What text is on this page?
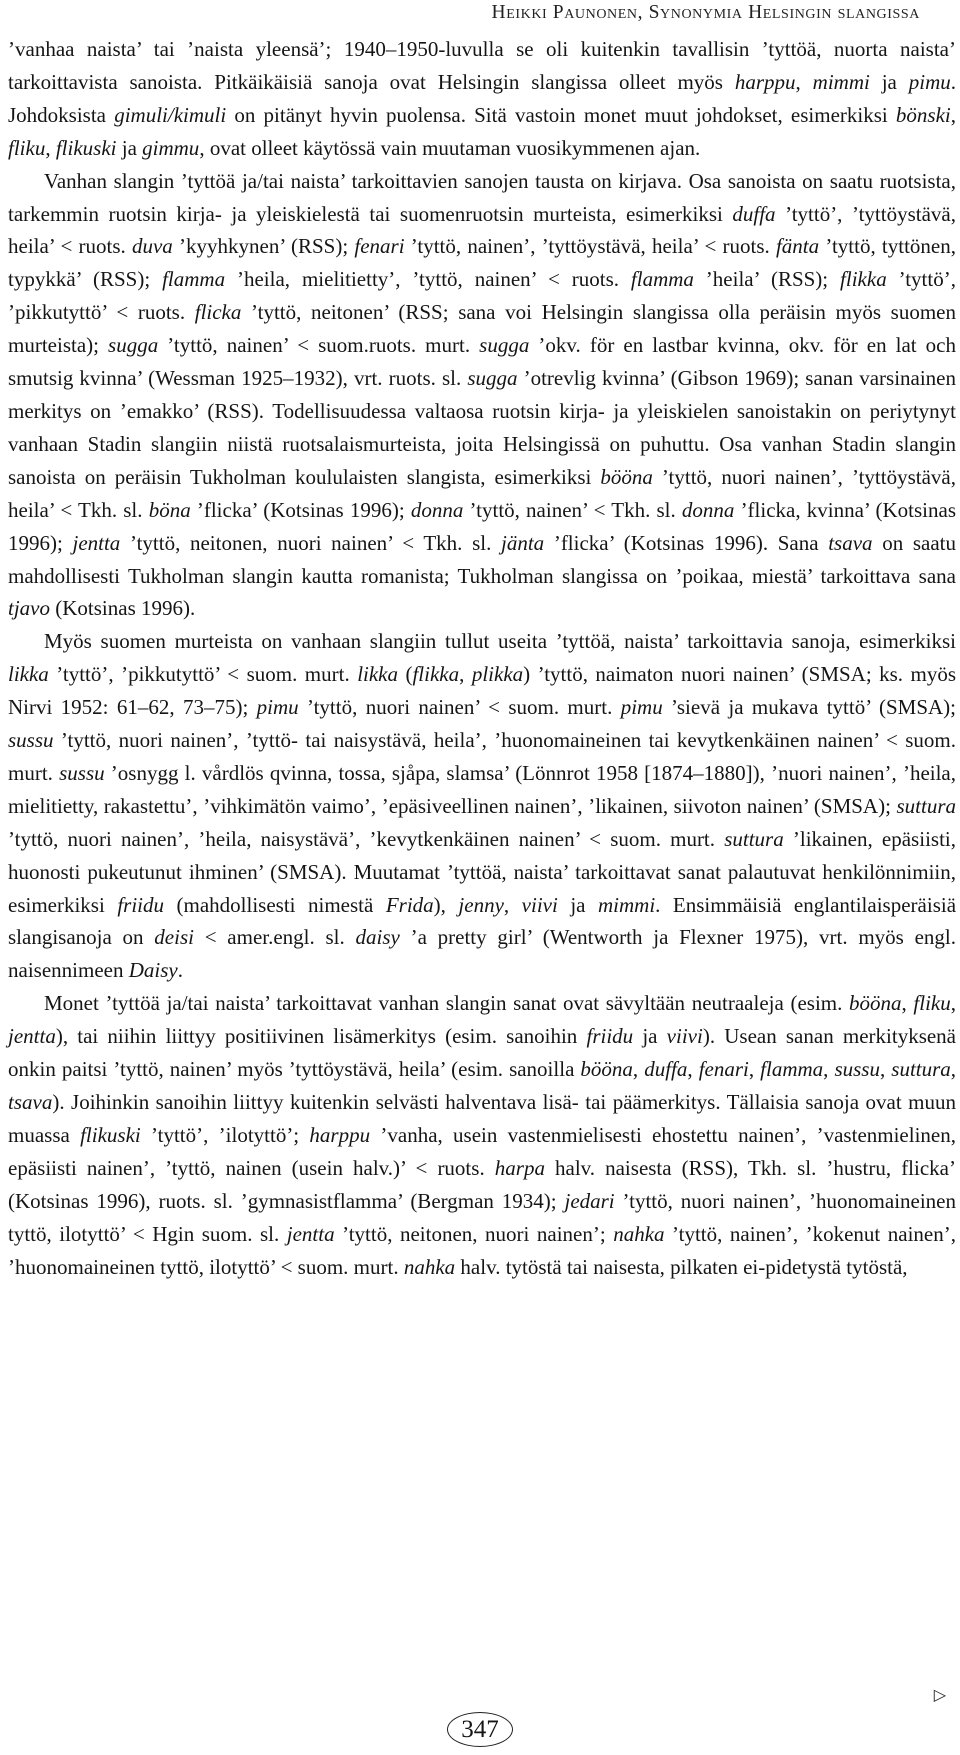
Heikki Paunonen, Synonymia Helsingin slangissa

’vanhaa naista’ tai ’naista yleensä’; 1940–1950-luvulla se oli kuitenkin tavallisin ’tyttöä, nuorta naista’ tarkoittavista sanoista. Pitkäikäisiä sanoja ovat Helsingin slangissa olleet myös harppu, mimmi ja pimu. Johdoksista gimuli/kimuli on pitänyt hyvin puolensa. Sitä vastoin monet muut johdokset, esimerkiksi bönski, fliku, flikuski ja gimmu, ovat olleet käytössä vain muutaman vuosikymmenen ajan.

Vanhan slangin ’tyttöä ja/tai naista’ tarkoittavien sanojen tausta on kirjava. Osa sanoista on saatu ruotsista, tarkemmin ruotsin kirja- ja yleiskielestä tai suomenruotsin murteista, esimerkiksi duffa ’tyttö’, ’tyttöystävä, heila’ < ruots. duva ’kyyhkynen’ (RSS); fenari ’tyttö, nainen’, ’tyttöystävä, heila’ < ruots. fänta ’tyttö, tyttönen, typykkä’ (RSS); flamma ’heila, mielitietty’, ’tyttö, nainen’ < ruots. flamma ’heila’ (RSS); flikka ’tyttö’, ’pikkutyttö’ < ruots. flicka ’tyttö, neitonen’ (RSS; sana voi Helsingin slangissa olla peräisin myös suomen murteista); sugga ’tyttö, nainen’ < suom.ruots. murt. sugga ’okv. för en lastbar kvinna, okv. för en lat och smutsig kvinna’ (Wessman 1925–1932), vrt. ruots. sl. sugga ’otrevlig kvinna’ (Gibson 1969); sanan varsinainen merkitys on ’emakko’ (RSS). Todellisuudessa valtaosa ruotsin kirja- ja yleiskielen sanoistakin on periytynyt vanhaan Stadin slangiin niistä ruotsalaismurteista, joita Helsingissä on puhuttu. Osa vanhan Stadin slangin sanoista on peräisin Tukholman koululaisten slangista, esimerkiksi bööna ’tyttö, nuori nainen’, ’tyttöystävä, heila’ < Tkh. sl. böna ’flicka’ (Kotsinas 1996); donna ’tyttö, nainen’ < Tkh. sl. donna ’flicka, kvinna’ (Kotsinas 1996); jentta ’tyttö, neitonen, nuori nainen’ < Tkh. sl. jänta ’flicka’ (Kotsinas 1996). Sana tsava on saatu mahdollisesti Tukholman slangin kautta romanista; Tukholman slangissa on ’poikaa, miestä’ tarkoittava sana tjavo (Kotsinas 1996).

Myös suomen murteista on vanhaan slangiin tullut useita ’tyttöä, naista’ tarkoittavia sanoja, esimerkiksi likka ’tyttö’, ’pikkutyttö’ < suom. murt. likka (flikka, plikka) ’tyttö, naimaton nuori nainen’ (SMSA; ks. myös Nirvi 1952: 61–62, 73–75); pimu ’tyttö, nuori nainen’ < suom. murt. pimu ’sievä ja mukava tyttö’ (SMSA); sussu ’tyttö, nuori nainen’, ’tyttö- tai naisystävä, heila’, ’huonomaineinen tai kevytkenkäinen nainen’ < suom. murt. sussu ’osnygg l. vårdlös qvinna, tossa, sjåpa, slamsa’ (Lönnrot 1958 [1874–1880]), ’nuori nainen’, ’heila, mielitietty, rakastettu’, ’vihkimätön vaimo’, ’epäsiveellinen nainen’, ’likainen, siivoton nainen’ (SMSA); suttura ’tyttö, nuori nainen’, ’heila, naisystävä’, ’kevytkenkäinen nainen’ < suom. murt. suttura ’likainen, epäsiisti, huonosti pukeutunut ihminen’ (SMSA). Muutamat ’tyttöä, naista’ tarkoittavat sanat palautuvat henkilönnimiin, esimerkiksi friidu (mahdollisesti nimestä Frida), jenny, viivi ja mimmi. Ensimmäisiä englantilaisperäisiä slangisanoja on deisi < amer.engl. sl. daisy ’a pretty girl’ (Wentworth ja Flexner 1975), vrt. myös engl. naisennimeen Daisy.

Monet ’tyttöä ja/tai naista’ tarkoittavat vanhan slangin sanat ovat sävyltään neutraaleja (esim. bööna, fliku, jentta), tai niihin liittyy positiivinen lisämerkitys (esim. sanoihin friidu ja viivi). Usean sanan merkityksenä onkin paitsi ’tyttö, nainen’ myös ’tyttöystävä, heila’ (esim. sanoilla bööna, duffa, fenari, flamma, sussu, suttura, tsava). Joihinkin sanoihin liittyy kuitenkin selvästi halventava lisä- tai päämerkitys. Tällaisia sanoja ovat muun muassa flikuski ’tyttö’, ’ilotyttö’; harppu ’vanha, usein vastenmielisesti ehostettu nainen’, ’vastenmielinen, epäsiisti nainen’, ’tyttö, nainen (usein halv.)’ < ruots. harpa halv. naisesta (RSS), Tkh. sl. ’hustru, flicka’ (Kotsinas 1996), ruots. sl. ’gymnasistflamma’ (Bergman 1934); jedari ’tyttö, nuori nainen’, ’huonomaineinen tyttö, ilotyttö’ < Hgin suom. sl. jentta ’tyttö, neitonen, nuori nainen’; nahka ’tyttö, nainen’, ’kokenut nainen’, ’huonomaineinen tyttö, ilotyttö’ < suom. murt. nahka halv. tytöstä tai naisesta, pilkaten ei-pidetystä tytöstä,

▷
347
